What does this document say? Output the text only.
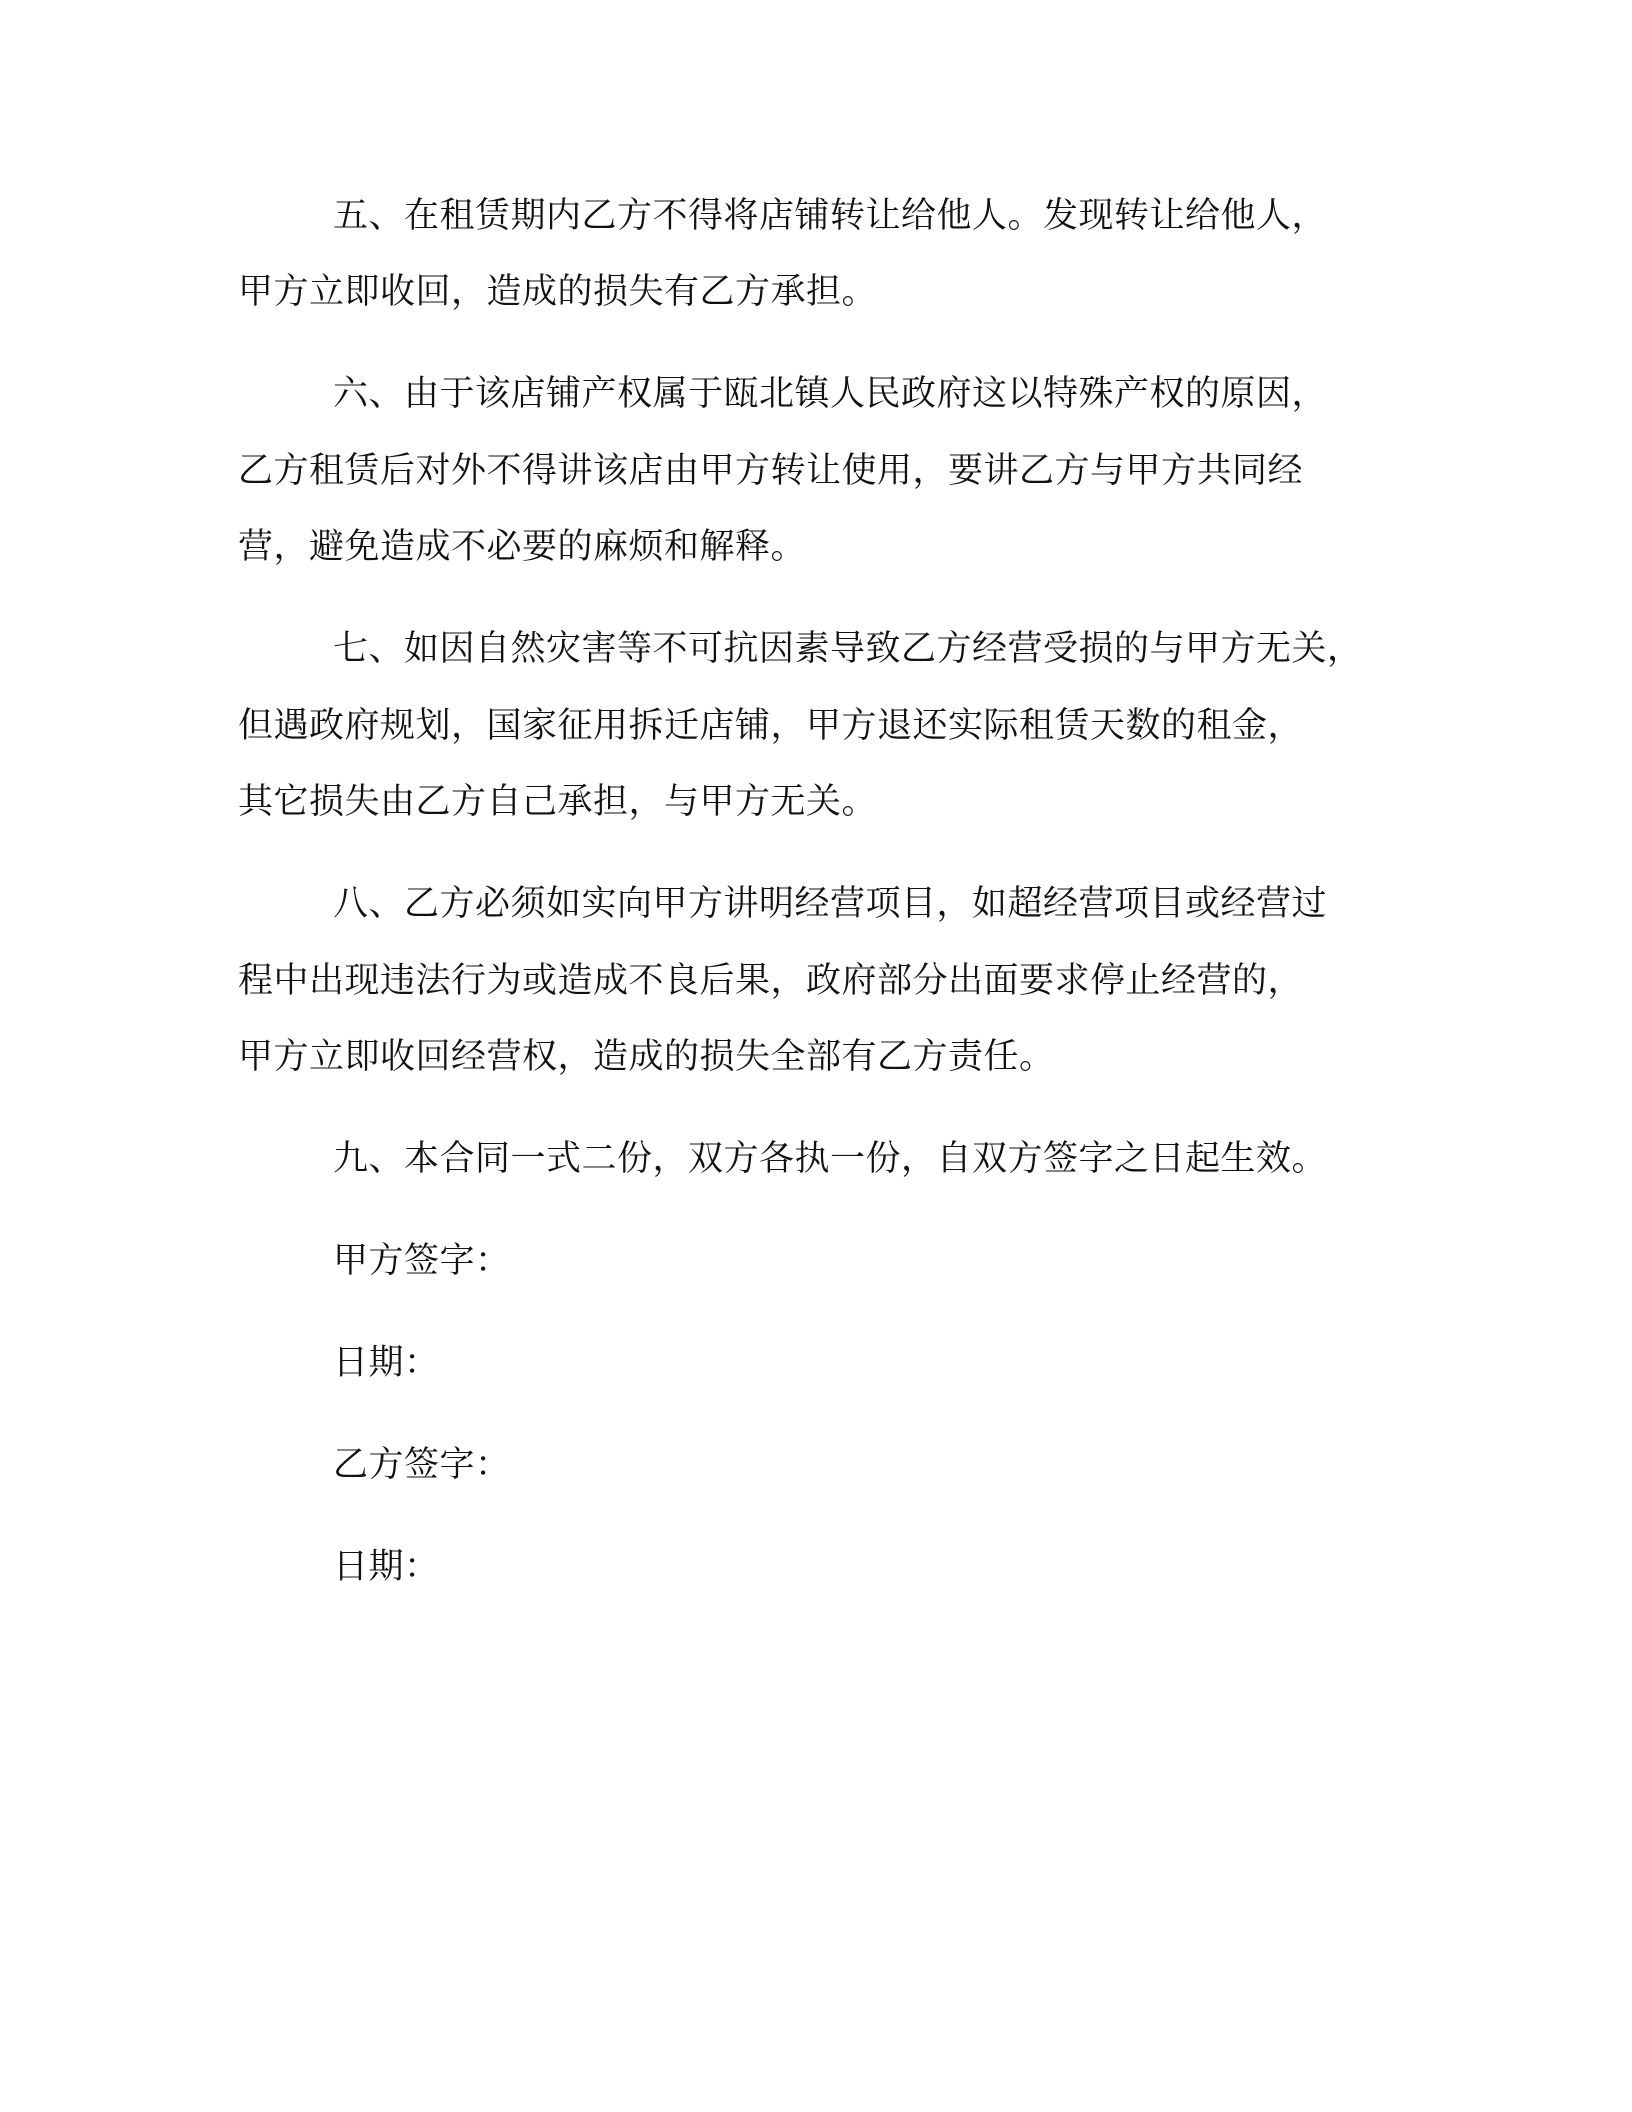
五、在租赁期内乙方不得将店铺转让给他人。发现转让给他人，
甲方立即收回，造成的损失有乙方承担。
六、由于该店铺产权属于瓯北镇人民政府这以特殊产权的原因，
乙方租赁后对外不得讲该店由甲方转让使用，要讲乙方与甲方共同经
营，避免造成不必要的麻烦和解释。
七、如因自然灾害等不可抗因素导致乙方经营受损的与甲方无关，
但遇政府规划，国家征用拆迁店铺，甲方退还实际租赁天数的租金，
其它损失由乙方自己承担，与甲方无关。
八、乙方必须如实向甲方讲明经营项目，如超经营项目或经营过
程中出现违法行为或造成不良后果，政府部分出面要求停止经营的，
甲方立即收回经营权，造成的损失全部有乙方责任。
九、本合同一式二份，双方各执一份，自双方签字之日起生效。
甲方签字：
日期：
乙方签字：
日期：
